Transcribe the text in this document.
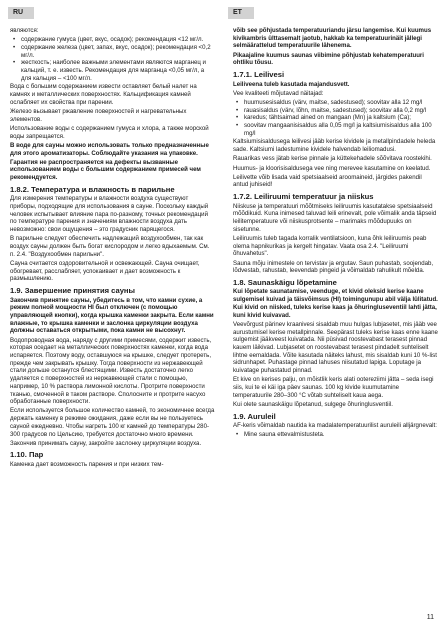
RU	ET

являются:

• содержание гумуса (цвет, вкус, осадок); рекомендация <12 мг/л.
• содержание железа (цвет, запах, вкус, осадок); рекомендация <0,2 мг/л.
• жесткость; наиболее важными элементами являются марганец и кальций, т. е. известь. Рекомендация для марганца <0,05 мг/л, а для кальция – <100 мг/л.

Вода с большим содержанием извести оставляет белый налет на камнях и металлических поверхностях. Кальцификация камней ослабляет их свойства при парении.

Железо вызывает ржавление поверхностей и нагревательных элементов.

Использование воды с содержанием гумуса и хлора, а также морской воды запрещается.

В воде для сауны можно использовать только предназначенные для этого ароматизаторы. Соблюдайте указания на упаковке.

Гарантия не распространяется на дефекты вызванные использованием воды с большим содержанием примесей чем рекомендуется.

1.8.2. Температура и влажность в парильне

Для измерения температуры и влажности воздуха существуют приборы, подходящие для использования в сауне. Поскольку каждый человек испытывает влияние пара по-разному, точных рекомендаций по температуре парения и значениям влажности воздуха дать невозможно: свои ощущения – это градусник парящегося.

В парильне следует обеспечить надлежащий воздухообмен, так как воздух сауны должен быть богат кислородом и легко вдыхаемым. См. п. 2.4. "Воздухообмен парильни".

Сауна считается оздоровительной и освежающей. Сауна очищает, обогревает, расслабляет, успокаивает и дает возможность к размышлению.

1.9. Завершение принятия сауны

Закончив принятие сауны, убедитесь в том, что камни сухие, а режим полной мощности НI был отключен (с помощью управляющей кнопки), когда крышка каменки закрыта. Если камни влажные, то крышка каменки и заслонка циркуляции воздуха должны оставаться открытыми, пока камни не высохнут.

Водопроводная вода, наряду с другими примесями, содержит известь, которая оседает на металлических поверхностях каменки, когда вода испаряется. Поэтому воду, оставшуюся на крышке, следует протереть, прежде чем закрывать крышку. Тогда поверхности из нержавеющей стали дольше останутся блестящими. Известь достаточно легко удаляется с поверхностей из нержавеющей стали с помощью, например, 10 % раствора лимонной кислоты. Протрите поверхности тканью, смоченной в таком растворе. Сполосните и протрите насухо обработанные поверхности.

Если используется большое количество камней, то экономичнее всегда держать каменку в режиме ожидания, даже если вы не пользуетесь сауной ежедневно. Чтобы нагреть 100 кг камней до температуры 280-300 градусов по Цельсию, требуется достаточно много времени.

Закончив принимать сауну, закройте заслонку циркуляции воздуха.

1.10. Пар

Каменка дает возможность парения и при низких тем-

võib see põhjustada temperatuuriandu järsu langemise. Kui kuumus kivikambris ülttasemalt jaotub, hakkab ka temperatuurinäit jällegi selmäärattelud temperatuurile lähenema.

Pikaajaline kuumus saunas viibimine põhjustab kehatemperatuuri ohtliku tõusu.

1.7.1. Leilivesi

Leiliveena tuleb kasutada majandusvett.

Vee kvaliteeti mõjutavad näitajad:

• huumusesisaldus (värv, maitse, sadestused); soovitav alla 12 mg/l
• rauasisaldus (värv, lõhn, maitse, sadestused); soovitav alla 0,2 mg/l
• karedus; tähtsaimad ained on mangaan (Mn) ja kaltsium (Ca);
• soovitav mangaanisisaldus alla 0,05 mg/l ja kaltsiumisisaldus alla 100 mg/l

Kaltsiumisisaldusega leilivesi jääb kerise kividele ja metallpindadele heleda sade. Kaltsiumi ladestumine kividele halvendab leiliomadusi.

Rauarikas vess jätab kerise pinnale ja küttekehadele sõõvitava roostekihi.

Huumus- ja kloorisisaldusega vee ning merevee kasutamine on keelatud.

Leilivette võib lisada vaid spetsiaalseid aroomaineid, järgides pakendil antud juhiseid!

1.7.2. Leiliruumi temperatuur ja niiskus

Niiskuse ja temperatuuri mõõtmiseks leiliruumis kasutatakse spetsiaalseid mõõdikuid. Kuna inimesed taluvad leili erinevalt, pole võimalik anda täpseid leilitemperatuure või niiskusprotsente – marimaks mõõdupuuks on sisetunne.

Leiliruumis tuleb tagada korralik ventilatsioon, kuna õhk leiliruumis peab olema hapnikurikas ja kergelt hingatav. Vaata osa 2.4. "Leiliruumi õhuvahetus".

Sauna mõju inimestele on tervistav ja ergutav. Saun puhastab, soojendab, lõdvestab, rahustab, leevendab pingeid ja võimaldab rahulikult mõelda.

1.8. Saunaskäigu lõpetamine

Kui lõpetate saunatamise, veenduge, et kivid oleksid kerise kaane sulgemisel kuivad ja täisvõimsus (HI) toimingunupu abil välja lülitatud. Kui kivid on niisked, tuleks kerise kaas ja õhuringluseventiil lahti jätta, kuni kivid kuivavad.

Veevõrgust pärinev kraanivesi sisaldab muu hulgas lubjasetet, mis jääb vee aurustumisel kerise metallpinnale. Seepärast tuleks kerise kaas enne kaane sulgemist jääkveest kuivatada. Nii püsivad roostevabast terasest pinnad kauem läikivad. Lubjasetet on roostevabast terasest pindadelt suhteliselt lihtne eemaldada. Võite kasutada näiteks lahust, mis sisaldab kuni 10 %-list sidrunhapet. Puhastage pinnad lahuses niisutatud lapiga. Loputage ja kuivatage puhastatud pinnad.

Et kive on kerises palju, on mõistlik keris alati ootereziimi jätta – seda isegi siis, kui te ei käi iga päev saunas. 100 kg kivide kuumutamine temperatuurile 280–300 °C võtab suhteliselt kaua aega.

Kui olete saunaskäigu lõpetanud, sulgege õhuringlusventiil.

1.9. Auruleil

AF-keris võimaldab nautida ka madalatemperatuurilist auruleili alljärgnevalt:

• Mine sauna ettevalmistusteta.
11
